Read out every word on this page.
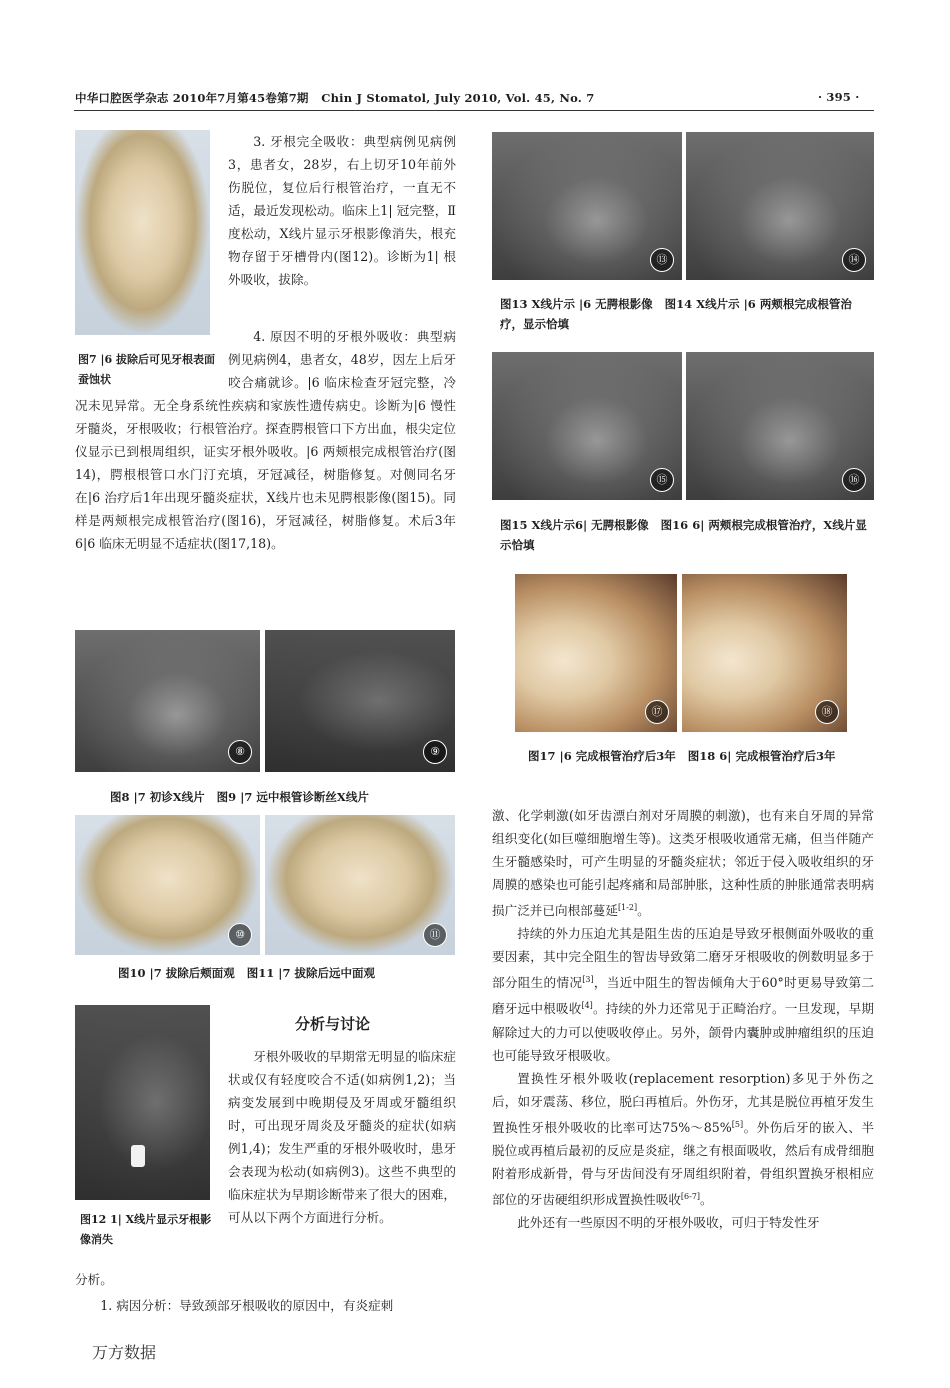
中华口腔医学杂志 2010年7月第45卷第7期 Chin J Stomatol, July 2010, Vol. 45, No. 7	· 395 ·
图7 |6 拔除后可见牙根表面蚕蚀状

3. 牙根完全吸收：典型病例见病例3，患者女，28岁，右上切牙10年前外伤脱位，复位后行根管治疗，一直无不适，最近发现松动。临床上1| 冠完整，Ⅱ度松动，X线片显示牙根影像消失，根充物存留于牙槽骨内(图12)。诊断为1| 根外吸收，拔除。

4. 原因不明的牙根外吸收：典型病例见病例4，患者女，48岁，因左上后牙咬合痛就诊。|6 临床检查牙冠完整，冷

况未见异常。无全身系统性疾病和家族性遗传病史。诊断为|6 慢性牙髓炎，牙根吸收；行根管治疗。探查腭根管口下方出血，根尖定位仪显示已到根周组织，证实牙根外吸收。|6 两颊根完成根管治疗(图14)，腭根根管口水门汀充填，牙冠减径，树脂修复。对侧同名牙在|6 治疗后1年出现牙髓炎症状，X线片也未见腭根影像(图15)。同样是两颊根完成根管治疗(图16)，牙冠减径，树脂修复。术后3年6|6 临床无明显不适症状(图17,18)。

⑧	⑨
图8 |7 初诊X线片 图9 |7 远中根管诊断丝X线片
⑩	⑪
图10 |7 拔除后颊面观 图11 |7 拔除后远中面观
图12 1| X线片显示牙根影像消失
分析与讨论

牙根外吸收的早期常无明显的临床症状或仅有轻度咬合不适(如病例1,2)；当病变发展到中晚期侵及牙周或牙髓组织时，可出现牙周炎及牙髓炎的症状(如病例1,4)；发生严重的牙根外吸收时，患牙会表现为松动(如病例3)。这些不典型的临床症状为早期诊断带来了很大的困难，可从以下两个方面进行分析。

分析。

1. 病因分析：导致颈部牙根吸收的原因中，有炎症刺

⑬	⑭
图13 X线片示 |6 无腭根影像 图14 X线片示 |6 两颊根完成根管治疗，显示恰填
⑮	⑯
图15 X线片示6| 无腭根影像 图16 6| 两颊根完成根管治疗，X线片显示恰填
⑰	⑱
图17 |6 完成根管治疗后3年 图18 6| 完成根管治疗后3年

激、化学刺激(如牙齿漂白剂对牙周膜的刺激)，也有来自牙周的异常组织变化(如巨噬细胞增生等)。这类牙根吸收通常无痛，但当伴随产生牙髓感染时，可产生明显的牙髓炎症状；邻近于侵入吸收组织的牙周膜的感染也可能引起疼痛和局部肿胀，这种性质的肿胀通常表明病损广泛并已向根部蔓延[1-2]。

持续的外力压迫尤其是阻生齿的压迫是导致牙根侧面外吸收的重要因素，其中完全阻生的智齿导致第二磨牙牙根吸收的例数明显多于部分阻生的情况[3]，当近中阻生的智齿倾角大于60°时更易导致第二磨牙远中根吸收[4]。持续的外力还常见于正畸治疗。一旦发现，早期解除过大的力可以使吸收停止。另外，颌骨内囊肿或肿瘤组织的压迫也可能导致牙根吸收。

置换性牙根外吸收(replacement resorption)多见于外伤之后，如牙震荡、移位，脱臼再植后。外伤牙，尤其是脱位再植牙发生置换性牙根外吸收的比率可达75%～85%[5]。外伤后牙的嵌入、半脱位或再植后最初的反应是炎症，继之有根面吸收，然后有成骨细胞附着形成新骨，骨与牙齿间没有牙周组织附着，骨组织置换牙根相应部位的牙齿硬组织形成置换性吸收[6-7]。

此外还有一些原因不明的牙根外吸收，可归于特发性牙

万方数据
